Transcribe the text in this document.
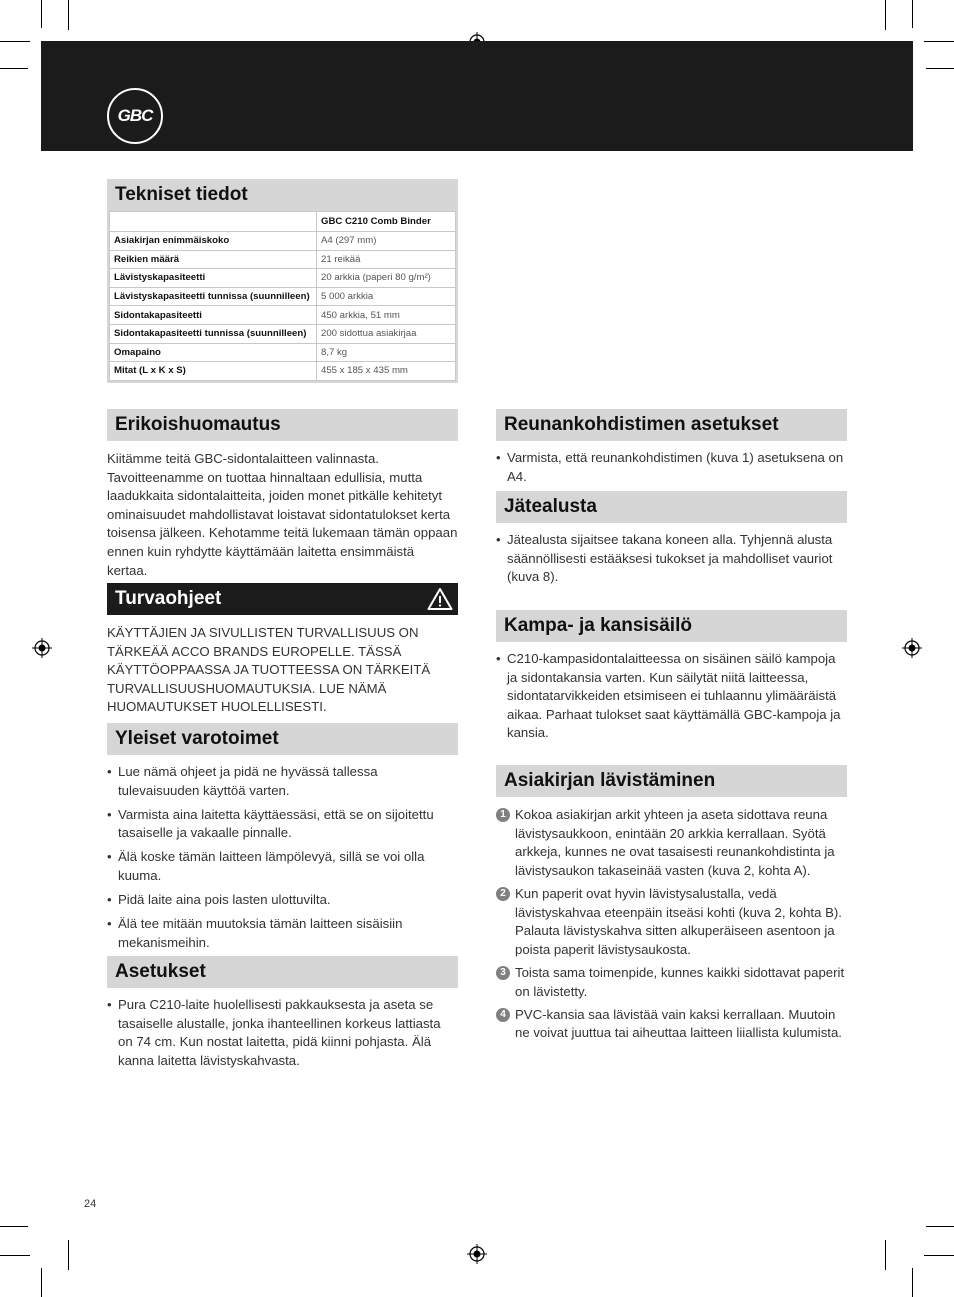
GBC
Tekniset tiedot
	GBC C210 Comb Binder
Asiakirjan enimmäiskoko	A4 (297 mm)
Reikien määrä	21 reikää
Lävistyskapasiteetti	20 arkkia (paperi 80 g/m²)
Lävistyskapasiteetti tunnissa (suunnilleen)	5 000 arkkia
Sidontakapasiteetti	450 arkkia, 51 mm
Sidontakapasiteetti tunnissa (suunnilleen)	200 sidottua asiakirjaa
Omapaino	8,7 kg
Mitat (L x K x S)	455 x 185 x 435 mm
Erikoishuomautus

Kiitämme teitä GBC-sidontalaitteen valinnasta. Tavoitteenamme on tuottaa hinnaltaan edullisia, mutta laadukkaita sidontalaitteita, joiden monet pitkälle kehitetyt ominaisuudet mahdollistavat loistavat sidontatulokset kerta toisensa jälkeen. Kehotamme teitä lukemaan tämän oppaan ennen kuin ryhdytte käyttämään laitetta ensimmäistä kertaa.

Turvaohjeet

KÄYTTÄJIEN JA SIVULLISTEN TURVALLISUUS ON TÄRKEÄÄ ACCO BRANDS EUROPELLE. TÄSSÄ KÄYTTÖOPPAASSA JA TUOTTEESSA ON TÄRKEITÄ TURVALLISUUSHUOMAUTUKSIA. LUE NÄMÄ HUOMAUTUKSET HUOLELLISESTI.

Yleiset varotoimet
• Lue nämä ohjeet ja pidä ne hyvässä tallessa tulevaisuuden käyttöä varten.
• Varmista aina laitetta käyttäessäsi, että se on sijoitettu tasaiselle ja vakaalle pinnalle.
• Älä koske tämän laitteen lämpölevyä, sillä se voi olla kuuma.
• Pidä laite aina pois lasten ulottuvilta.
• Älä tee mitään muutoksia tämän laitteen sisäisiin mekanismeihin.
Asetukset
• Pura C210-laite huolellisesti pakkauksesta ja aseta se tasaiselle alustalle, jonka ihanteellinen korkeus lattiasta on 74 cm. Kun nostat laitetta, pidä kiinni pohjasta. Älä kanna laitetta lävistyskahvasta.
Reunankohdistimen asetukset
• Varmista, että reunankohdistimen (kuva 1) asetuksena on A4.
Jätealusta
• Jätealusta sijaitsee takana koneen alla. Tyhjennä alusta säännöllisesti estääksesi tukokset ja mahdolliset vauriot (kuva 8).
Kampa- ja kansisäilö
• C210-kampasidontalaitteessa on sisäinen säilö kampoja ja sidontakansia varten. Kun säilytät niitä laitteessa, sidontatarvikkeiden etsimiseen ei tuhlaannu ylimääräistä aikaa. Parhaat tulokset saat käyttämällä GBC-kampoja ja kansia.
Asiakirjan lävistäminen
1 Kokoa asiakirjan arkit yhteen ja aseta sidottava reuna lävistysaukkoon, enintään 20 arkkia kerrallaan. Syötä arkkeja, kunnes ne ovat tasaisesti reunankohdistinta ja lävistysaukon takaseinää vasten (kuva 2, kohta A).
2 Kun paperit ovat hyvin lävistysalustalla, vedä lävistyskahvaa eteenpäin itseäsi kohti (kuva 2, kohta B). Palauta lävistyskahva sitten alkuperäiseen asentoon ja poista paperit lävistysaukosta.
3 Toista sama toimenpide, kunnes kaikki sidottavat paperit on lävistetty.
4 PVC-kansia saa lävistää vain kaksi kerrallaan. Muutoin ne voivat juuttua tai aiheuttaa laitteen liiallista kulumista.
24
